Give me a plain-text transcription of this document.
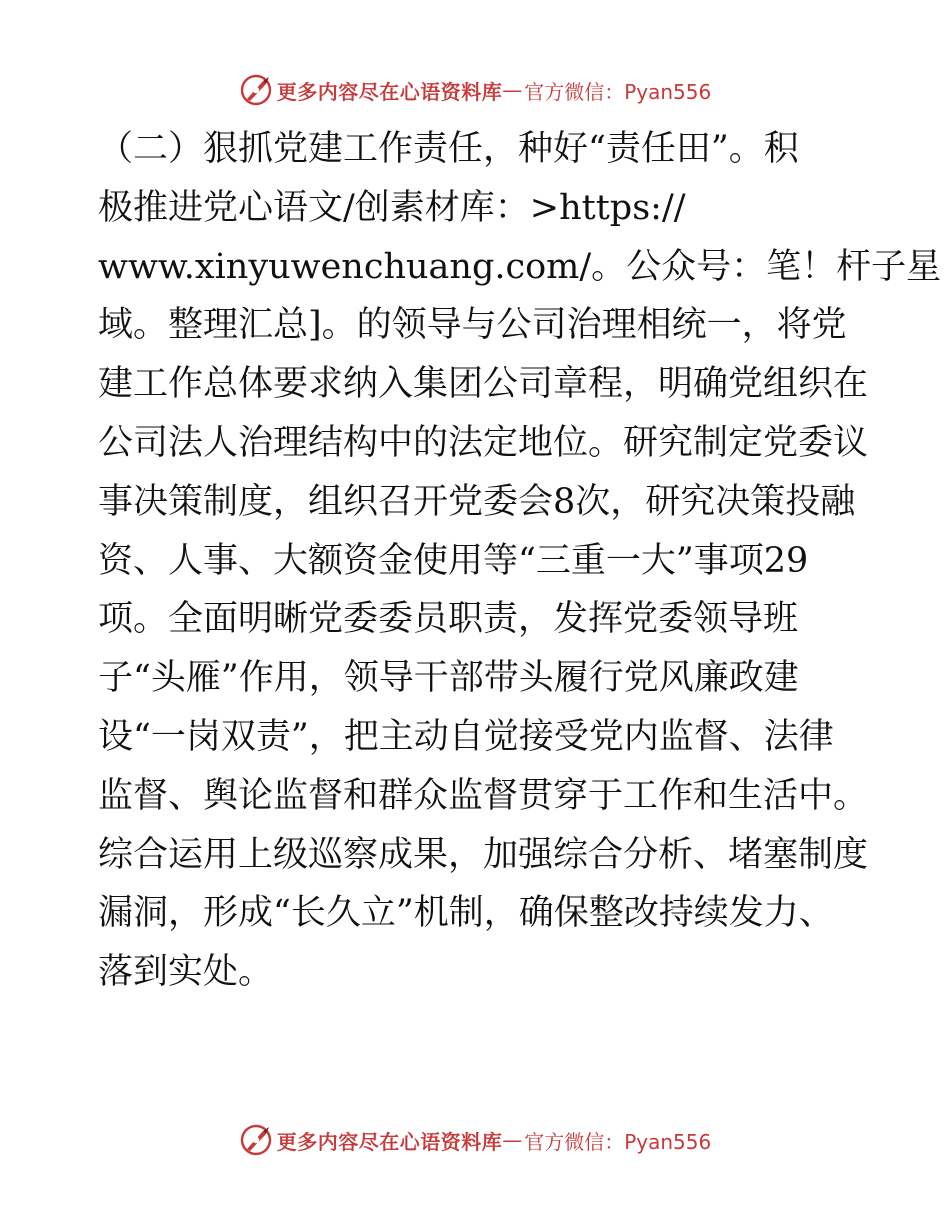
更多内容尽在心语资料库 — 官方微信：Pyan556
（二）狠抓党建工作责任，种好“责任田”。积
极推进党心语文/创素材库：>https://
www.xinyuwenchuang.com/。公众号：笔！杆子星
域。整理汇总]。的领导与公司治理相统一，将党
建工作总体要求纳入集团公司章程，明确党组织在
公司法人治理结构中的法定地位。研究制定党委议
事决策制度，组织召开党委会8次，研究决策投融
资、人事、大额资金使用等“三重一大”事项29
项。全面明晰党委委员职责，发挥党委领导班
子“头雁”作用，领导干部带头履行党风廉政建
设“一岗双责”，把主动自觉接受党内监督、法律
监督、舆论监督和群众监督贯穿于工作和生活中。
综合运用上级巡察成果，加强综合分析、堵塞制度
漏洞，形成“长久立”机制，确保整改持续发力、
落到实处。
更多内容尽在心语资料库 — 官方微信：Pyan556
